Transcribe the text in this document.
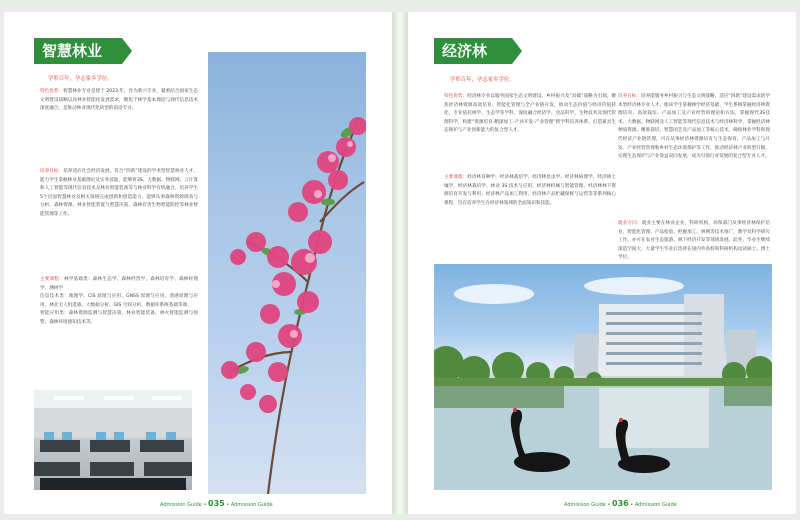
智慧林业
学彰百年，孕志家乡学位。
特色优势：智慧林业专业是建于 2023 年，作为新兴专业，紧密结合国家生态文明建设战略以及林业智能化发展需求，聚焦于林学基本理论与现代信息技术深度融合，是推动林业现代化转型的前沿专业。
培养目标：培养适应社会经济发展、符合“四新”建设的学术型智慧林业人才，能力学生掌握林业基础理论及实务技能，能够将3S、大数据、物联网、云计算和人工智能等现代信息技术及林业智能装备等与林业科学有机融合，培养学生5个层面智慧林业及相关领域完成创新和创造能力，能够从事森林资源调查与分析、森林资源、林业智能装置与智慧决策、森林有害生物智能防控等林业智能管理等工作。
主要课程：林学基础类：森林生态学、森林经营学、森林培育学、森林经理学、测树学
信息技术类：地理学、CIS 原理与应用、GNSS 原理与应用、遥感原理与应用、林业无人机遥感、大数据分析、GIS 空间分析、数据库系统基础等课。
智能应用类：森林资源监测与智慧决策、林业智能装备、林火智能监测与预警、森林环境感知技术等。
Admission Guide • 035 • Admission Guide
经济林
学彰百年，孕志家乡学位。
特色优势：经济林专业以服务国家生态文明建设、乡村振兴及“双碳”战略为引领，聚焦经济林资源高效培育、智能化管理与全产业链开发，推动生态价值与经济价值转化，专业依托林学、生态学等学科，深度融合经济学、食品科学、生物技术及现代管理科学，构建“资源培育-精深加工-产业开发-产业管理”跨学科培养体系，打造兼具生态保护与产业创新能力的复合型人才。
主要课程：经济林育种学、经济林栽培学、经济林昆虫学、经济林病理学、经济林土壤学、经济林栽培学、林业 3S 技术与应用、经济林机械与智能管理、经济林林下资源培育开发与利用、经济林产品加工利用、经济林产品贮藏保鲜与运营等等系列核心课程，旨在培养学生在经济林领域的全面知识和技能。
培养目标：培养能服务乡村振兴与生态文明战略，适应“四新”建设需求的学术型经济林专业人才。使该学生掌握林学经济基础，学生系统掌握经济林资源培育、高效栽培、产品加工及产业经营的理论和方法，掌握现代3S技术、大数据、物联网及人工智能等现代信息技术与经济林科学、掌握经济林种质资源、精准栽培、智慧园艺及产品加工等核心技术，确保林业学科和现代经济产业链管理，可在从事经济林资源培育与生态保育、产品加工与开发、产业经营管理和乡村生态环境保护等工作，推动经济林产业转型升级，实现生态保护与产业效益双向发展，成为引领行业发展的复合型专业人才。
就业方向：就业主要在林业企业，科研机构，环保部门从事经济林保护培育、智能化管理、产品检验、把握加工、林网等技术推广，教学及科学研究工作，亦可在农业生态旅游、林下经济开发等领域发展。此外，毕业生继续深造空间大，大量学生毕业后选择在国内外高校和科研机构攻读硕士、博士学位。
Admission Guide • 036 • Admission Guide
